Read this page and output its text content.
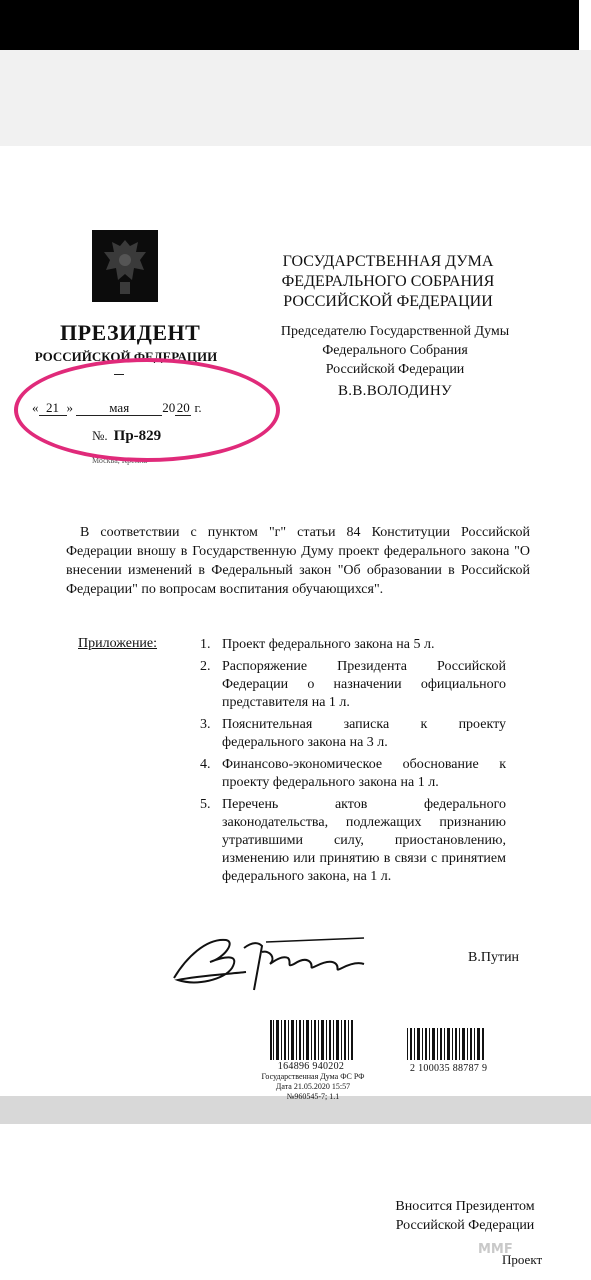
ПРЕЗИДЕНТ
РОССИЙСКОЙ ФЕДЕРАЦИИ
« 21 »	мая	20 20 г.
№. Пр-829
Москва, Кремль
ГОСУДАРСТВЕННАЯ ДУМА
ФЕДЕРАЛЬНОГО СОБРАНИЯ
РОССИЙСКОЙ ФЕДЕРАЦИИ
Председателю Государственной Думы
Федерального Собрания
Российской Федерации
В.В.ВОЛОДИНУ
В соответствии с пунктом "г" статьи 84 Конституции Российской Федерации вношу в Государственную Думу проект федерального закона "О внесении изменений в Федеральный закон "Об образовании в Российской Федерации" по вопросам воспитания обучающихся".
Приложение:	1. Проект федерального закона на 5 л.
2. Распоряжение Президента Российской Федерации о назначении официального представителя на 1 л.
3. Пояснительная записка к проекту федерального закона на 3 л.
4. Финансово-экономическое обоснование к проекту федерального закона на 1 л.
5. Перечень актов федерального законодательства, подлежащих признанию утратившими силу, приостановлению, изменению или принятию в связи с принятием федерального закона, на 1 л.
В.Путин
164896 940202
Государственная Дума ФС РФ
Дата 21.05.2020 15:57
№960545-7; 1.1
2 100035 88787 9
Вносится Президентом
Российской Федерации
MMF
Проект
